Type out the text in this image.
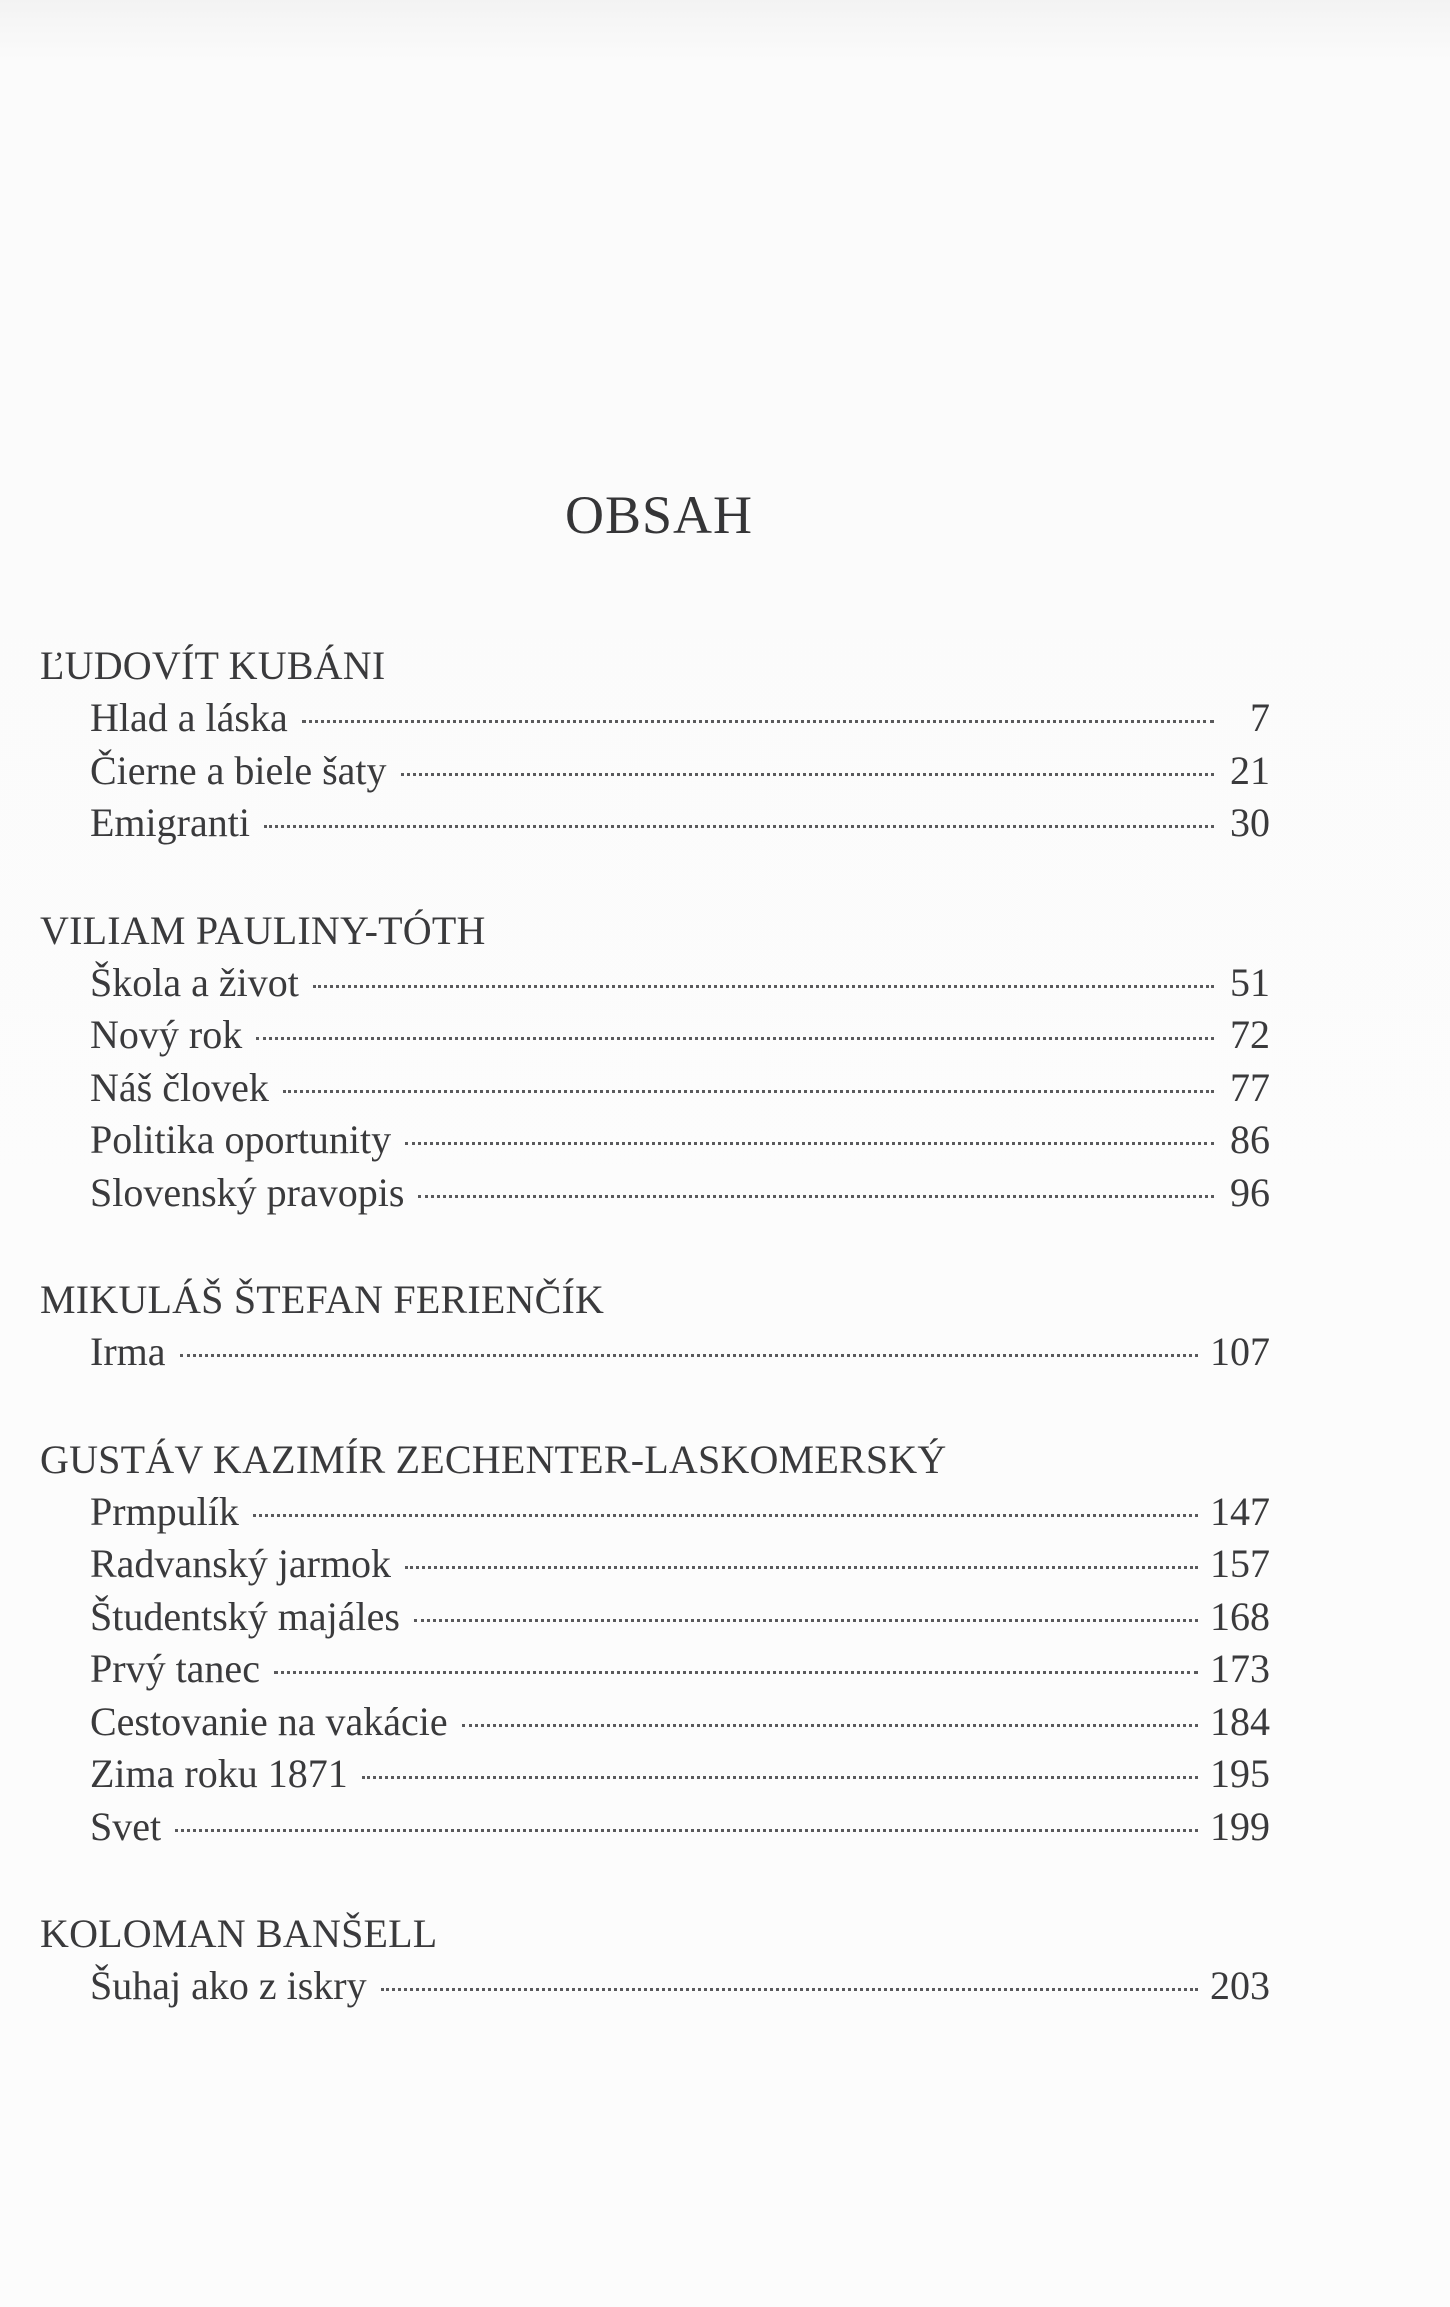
OBSAH
ĽUDOVÍT KUBÁNI
Hlad a láska	7
Čierne a biele šaty	21
Emigranti	30
VILIAM PAULINY-TÓTH
Škola a život	51
Nový rok	72
Náš človek	77
Politika oportunity	86
Slovenský pravopis	96
MIKULÁŠ ŠTEFAN FERIENČÍK
Irma	107
GUSTÁV KAZIMÍR ZECHENTER-LASKOMERSKÝ
Prmpulík	147
Radvanský jarmok	157
Študentský majáles	168
Prvý tanec	173
Cestovanie na vakácie	184
Zima roku 1871	195
Svet	199
KOLOMAN BANŠELL
Šuhaj ako z iskry	203
